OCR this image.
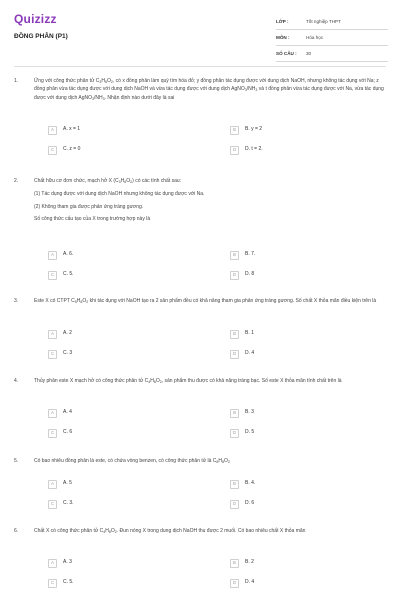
Quizizz
ĐỒNG PHÂN (P1)
LỚP :	Tốt nghiệp THPT
MÔN :	Hóa học
SỐ CÂU :	30
1.	Ứng với công thức phân tử $C_3H_6O_2$, có x đồng phân làm quỳ tím hóa đỏ; y đồng phân tác dụng được với dung dịch NaOH, nhưng không tác dụng với Na; z đồng phân vừa tác dụng được với dung dịch NaOH và vừa tác dụng được với dung dịch $AgNO_3/NH_3$ và t đồng phân vừa tác dụng được với Na, vừa tác dụng được với dung dịch $AgNO_3/NH_3$. Nhận định nào dưới đây là sai

A	A. x = 1	B	B. y = 2
C	C. z = 0	D	D. t = 2.
2.	Chất hữu cơ đơn chức, mạch hở X $(C_3H_6O_2)$ có các tính chất sau:

(1) Tác dụng được với dung dịch NaOH nhưng không tác dụng được với Na.

(2) Không tham gia được phản ứng tráng gương.

Số công thức cấu tạo của X trong trường hợp này là

A	A. 6.	B	B. 7.
C	C. 5.	D	D. 8
3.	Este X có CTPT $C_5H_8O_2$ khi tác dụng với NaOH tạo ra 2 sản phẩm đều có khả năng tham gia phản ứng tráng gương. Số chất X thỏa mãn điều kiện trên là

A	A. 2	B	B. 1
C	C. 3	D	D. 4
4.	Thủy phân este X mạch hở có công thức phân tử $C_4H_6O_2$, sản phẩm thu được có khả năng tráng bạc. Số este X thỏa mãn tính chất trên là

A	A. 4	B	B. 3
C	C. 6	D	D. 5
5.	Có bao nhiêu đồng phân là este, có chứa vòng benzen, có công thức phân tử là $C_8H_8O_2$

A	A. 5	B	B. 4.
C	C. 3.	D	D. 6
6.	Chất X có công thức phân tử $C_4H_8O_2$. Đun nóng X trong dung dịch NaOH thu được 2 muối. Có bao nhiêu chất X thỏa mãn

A	A. 3	B	B. 2
C	C. 5.	D	D. 4
